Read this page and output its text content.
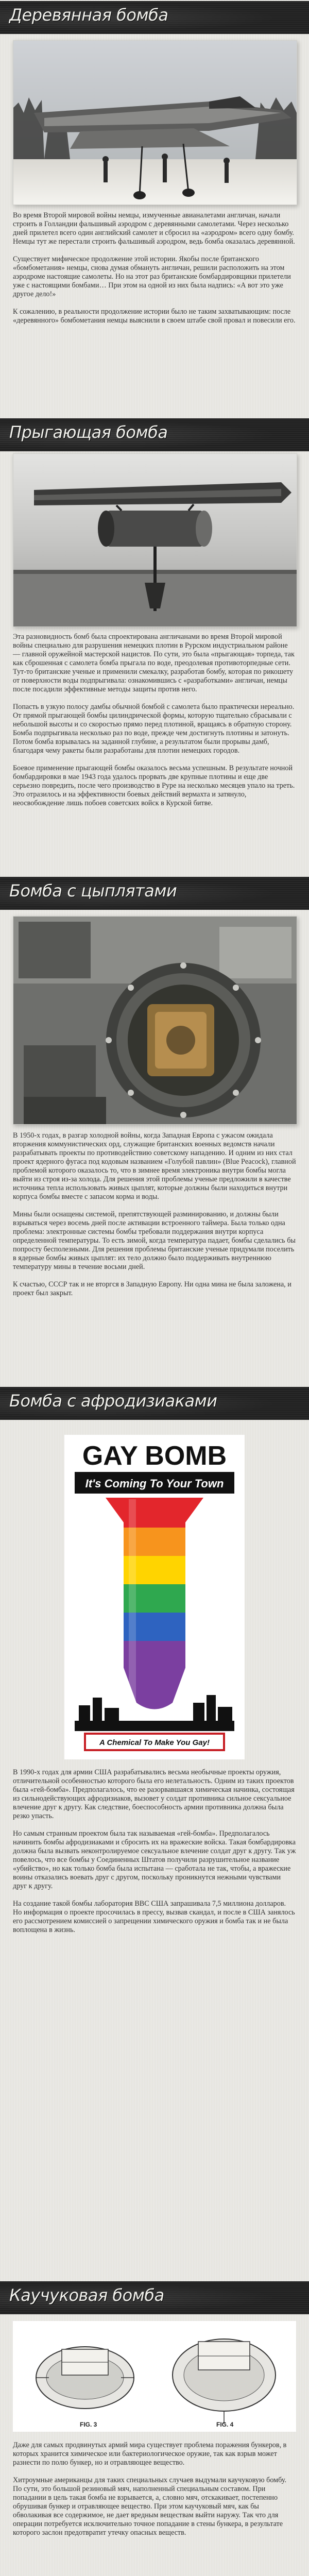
Деревянная бомба

Во время Второй мировой войны немцы, измученные авианалетами англичан, начали строить в Голландии фальшивый аэродром с деревянными самолетами. Через несколько дней прилетел всего один английский самолет и сбросил на «аэродром» всего одну бомбу. Немцы тут же перестали строить фальшивый аэродром, ведь бомба оказалась деревянной.

Существует мифическое продолжение этой истории. Якобы после британского «бомбометания» немцы, снова думая обмануть англичан, решили расположить на этом аэродроме настоящие самолеты. Но на этот раз британские бомбардировщики прилетели уже с настоящими бомбами… При этом на одной из них была надпись: «А вот это уже другое дело!»

К сожалению, в реальности продолжение истории было не таким захватывающим: после «деревянного» бомбометания немцы выяснили в своем штабе свой провал и повесили его.

Прыгающая бомба

Эта разновидность бомб была спроектирована англичанами во время Второй мировой войны специально для разрушения немецких плотин в Рурском индустриальном районе — главной оружейной мастерской нацистов. По сути, это была «прыгающая» торпеда, так как сброшенная с самолета бомба прыгала по воде, преодолевая противоторпедные сети. Тут-то британские ученые и применили смекалку, разработав бомбу, которая по рикошету от поверхности воды подпрыгивала: ознакомившись с «разработками» англичан, немцы после посадили эффективные методы защиты против него.

Попасть в узкую полосу дамбы обычной бомбой с самолета было практически нереально. От прямой прыгающей бомбы цилиндрической формы, которую тщательно сбрасывали с небольшой высоты и со скоростью прямо перед плотиной, вращаясь в обратную сторону. Бомба подпрыгивала несколько раз по воде, прежде чем достигнуть плотины и затонуть. Потом бомба взрывалась на заданной глубине, а результатом были прорывы дамб, благодаря чему ракеты были разработаны для плотин немецких городов.

Боевое применение прыгающей бомбы оказалось весьма успешным. В результате ночной бомбардировки в мае 1943 года удалось прорвать две крупные плотины и еще две серьезно повредить, после чего производство в Руре на несколько месяцев упало на треть. Это отразилось и на эффективности боевых действий вермахта и затянуло, неосвобождение лишь побоев советских войск в Курской битве.

Бомба с цыплятами

В 1950-х годах, в разгар холодной войны, когда Западная Европа с ужасом ожидала вторжения коммунистических орд, служащие британских военных ведомств начали разрабатывать проекты по противодействию советскому нападению. И одним из них стал проект ядерного фугаса под кодовым названием «Голубой павлин» (Blue Peacock), главной проблемой которого оказалось то, что в зимнее время электроника внутри бомбы могла выйти из строя из-за холода. Для решения этой проблемы ученые предложили в качестве источника тепла использовать живых цыплят, которые должны были находиться внутри корпуса бомбы вместе с запасом корма и воды.

Мины были оснащены системой, препятствующей разминированию, и должны были взрываться через восемь дней после активации встроенного таймера. Была только одна проблема: электронные системы бомбы требовали поддержания внутри корпуса определенной температуры. То есть зимой, когда температура падает, бомбы сделались бы попросту бесполезными. Для решения проблемы британские ученые придумали поселить в ядерные бомбы живых цыплят: их тело должно было поддерживать внутреннюю температуру мины в течение восьми дней.

К счастью, СССР так и не вторгся в Западную Европу. Ни одна мина не была заложена, и проект был закрыт.

Бомба с афродизиаками
GAY BOMB
It's Coming To Your Town
A Chemical To Make You Gay!

В 1990-х годах для армии США разрабатывались весьма необычные проекты оружия, отличительной особенностью которого была его нелетальность. Одним из таких проектов была «гей-бомба». Предполагалось, что ее разорвавшаяся химическая начинка, состоящая из сильнодействующих афродизиаков, вызовет у солдат противника сильное сексуальное влечение друг к другу. Как следствие, боеспособность армии противника должна была резко упасть.

Но самым странным проектом была так называемая «гей-бомба». Предполагалось начинить бомбы афродизиаками и сбросить их на вражеские войска. Такая бомбардировка должна была вызвать неконтролируемое сексуальное влечение солдат друг к другу. Так уж повелось, что все бомбы у Соединенных Штатов получили разрушительное название «убийство», но как только бомба была испытана — сработала не так, чтобы, а вражеские воины отказались воевать друг с другом, поскольку проникнутся нежными чувствами друг к другу.

На создание такой бомбы лаборатория ВВС США запрашивала 7,5 миллиона долларов. Но информация о проекте просочилась в прессу, вызвав скандал, и после в США занялось его рассмотрением комиссией о запрещении химического оружия и бомба так и не была воплощена в жизнь.

Каучуковая бомба
FIG. 3	FIG. 4

Даже для самых продвинутых армий мира существует проблема поражения бункеров, в которых хранится химическое или бактериологическое оружие, так как взрыв может разнести по полю бункер, но и отравляющее вещество.

Хитроумные американцы для таких специальных случаев выдумали каучуковую бомбу. По сути, это большой резиновый мяч, наполненный специальным составом. При попадании в цель такая бомба не взрывается, а, словно мяч, отскакивает, постепенно обрушивая бункер и отравляющее вещество. При этом каучуковый мяч, как бы обволакивая все содержимое, не дает вредным веществам выйти наружу. Так что для операции потребуется исключительно точное попадание в стены бункера, в результате которого заслон предотвратит утечку опасных веществ.
